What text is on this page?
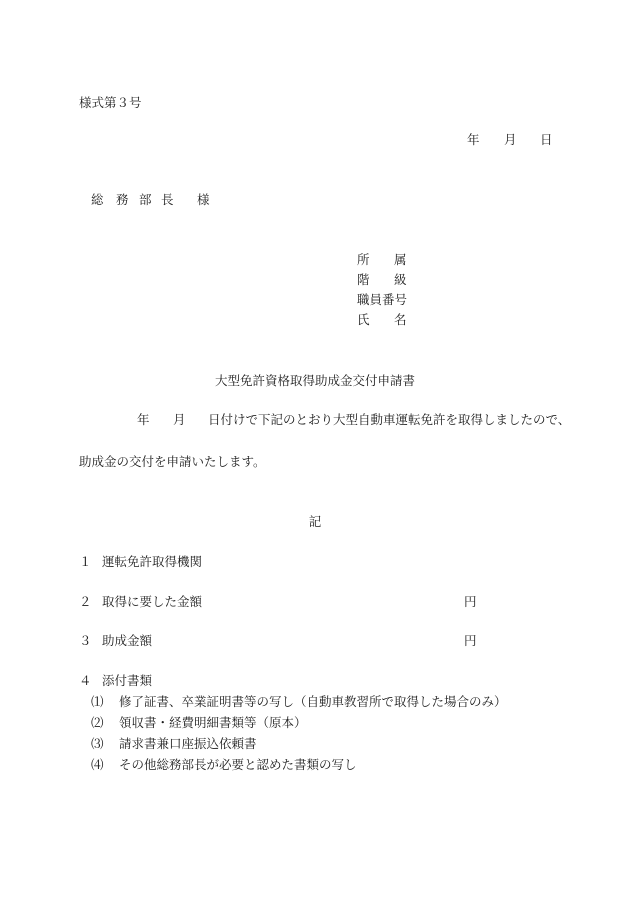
様式第３号
年 月 日
総 務 部 長 様
所 属
階 級
職員番号
氏 名
大型免許資格取得助成金交付申請書
年 月 日付けで下記のとおり大型自動車運転免許を取得しましたので、
助成金の交付を申請いたします。
記
１ 運転免許取得機関
２ 取得に要した金額	円
３ 助成金額	円
４ 添付書類
⑴ 修了証書、卒業証明書等の写し（自動車教習所で取得した場合のみ）
⑵ 領収書・経費明細書類等（原本）
⑶ 請求書兼口座振込依頼書
⑷ その他総務部長が必要と認めた書類の写し
